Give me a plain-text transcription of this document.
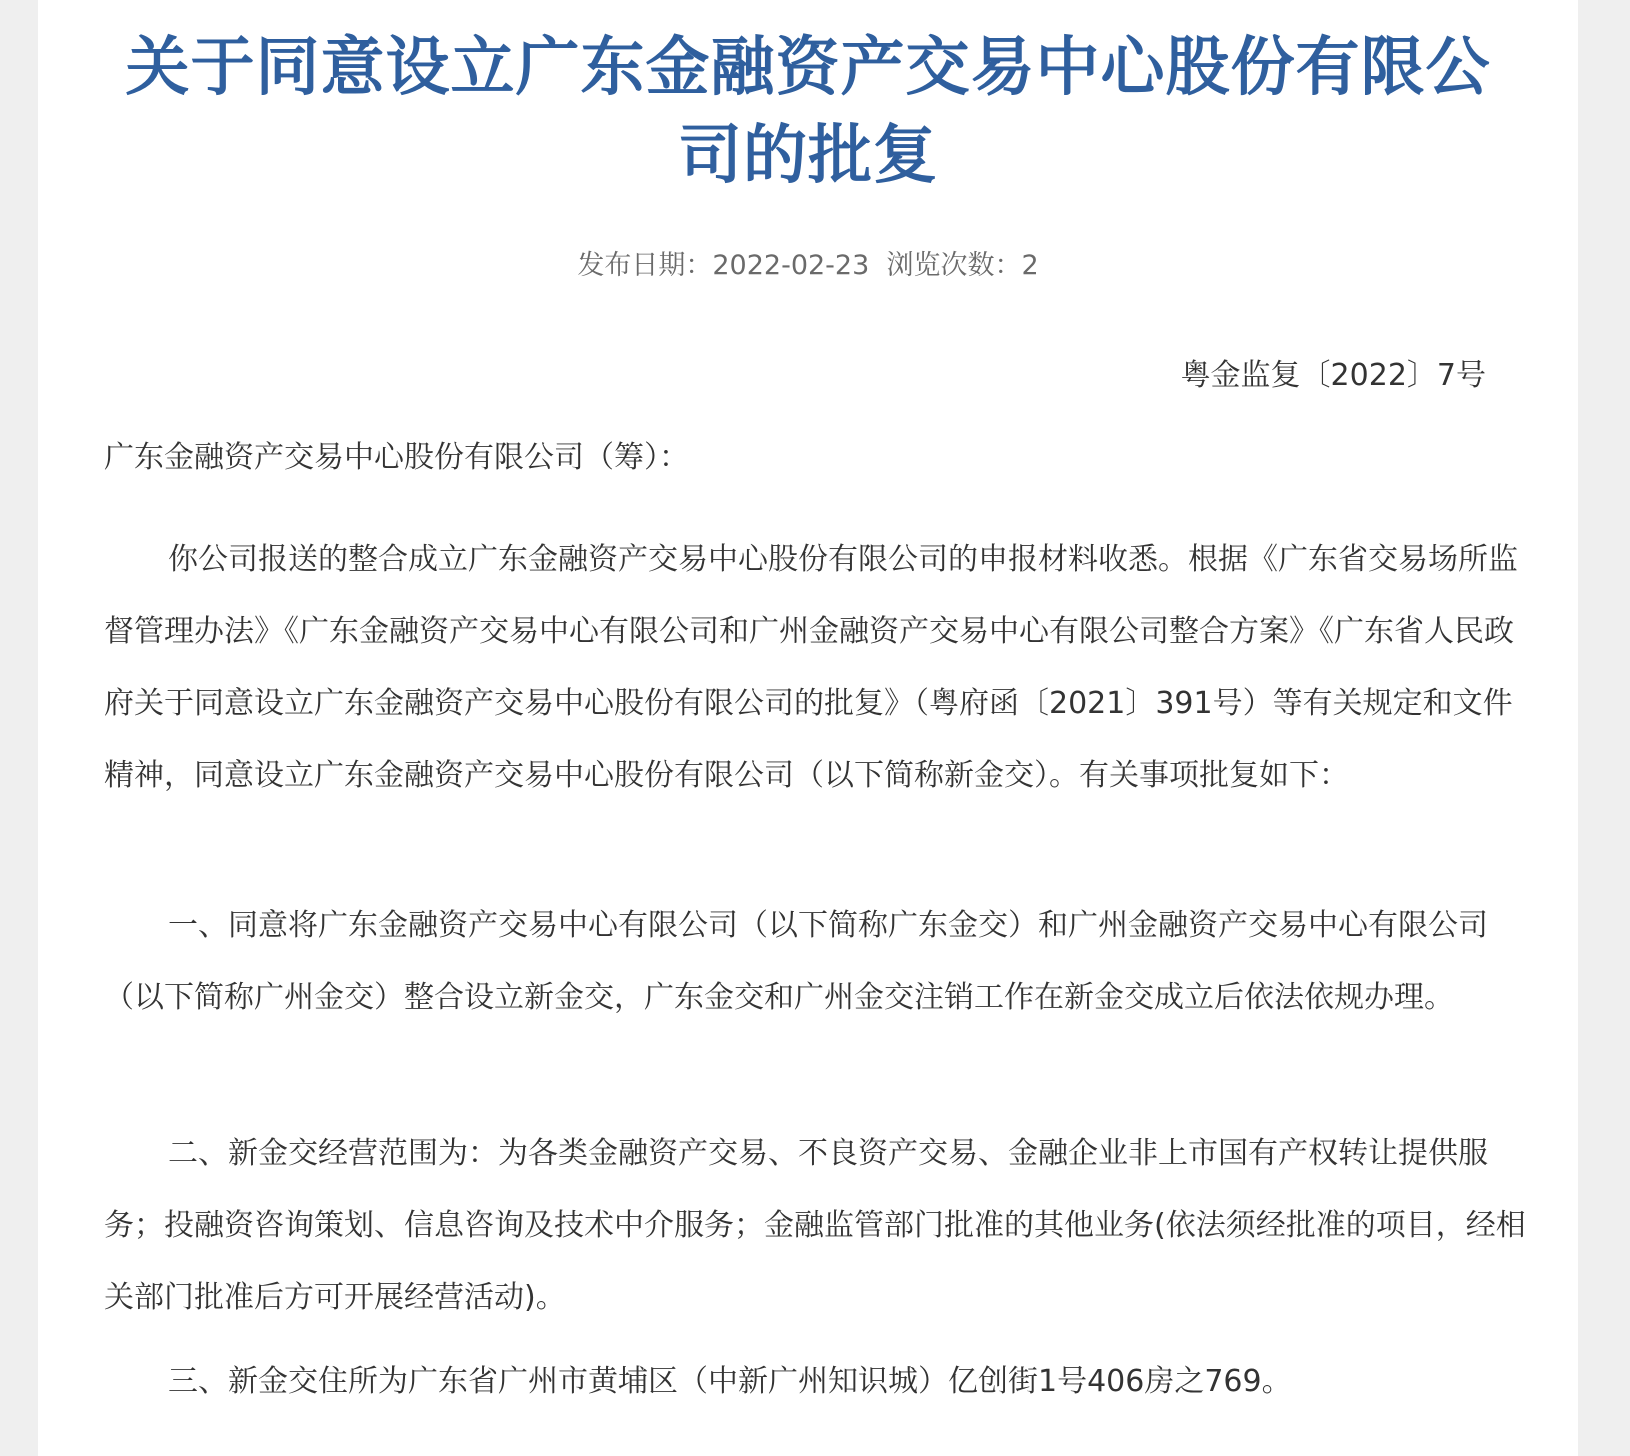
关于同意设立广东金融资产交易中心股份有限公司的批复
发布日期：2022-02-23 浏览次数：2
粤金监复〔2022〕7号
广东金融资产交易中心股份有限公司（筹）：
你公司报送的整合成立广东金融资产交易中心股份有限公司的申报材料收悉。根据《广东省交易场所监督管理办法》《广东金融资产交易中心有限公司和广州金融资产交易中心有限公司整合方案》《广东省人民政府关于同意设立广东金融资产交易中心股份有限公司的批复》（粤府函〔2021〕391号）等有关规定和文件精神，同意设立广东金融资产交易中心股份有限公司（以下简称新金交）。有关事项批复如下：
一、同意将广东金融资产交易中心有限公司（以下简称广东金交）和广州金融资产交易中心有限公司（以下简称广州金交）整合设立新金交，广东金交和广州金交注销工作在新金交成立后依法依规办理。
二、新金交经营范围为：为各类金融资产交易、不良资产交易、金融企业非上市国有产权转让提供服务；投融资咨询策划、信息咨询及技术中介服务；金融监管部门批准的其他业务(依法须经批准的项目，经相关部门批准后方可开展经营活动)。
三、新金交住所为广东省广州市黄埔区（中新广州知识城）亿创街1号406房之769。
